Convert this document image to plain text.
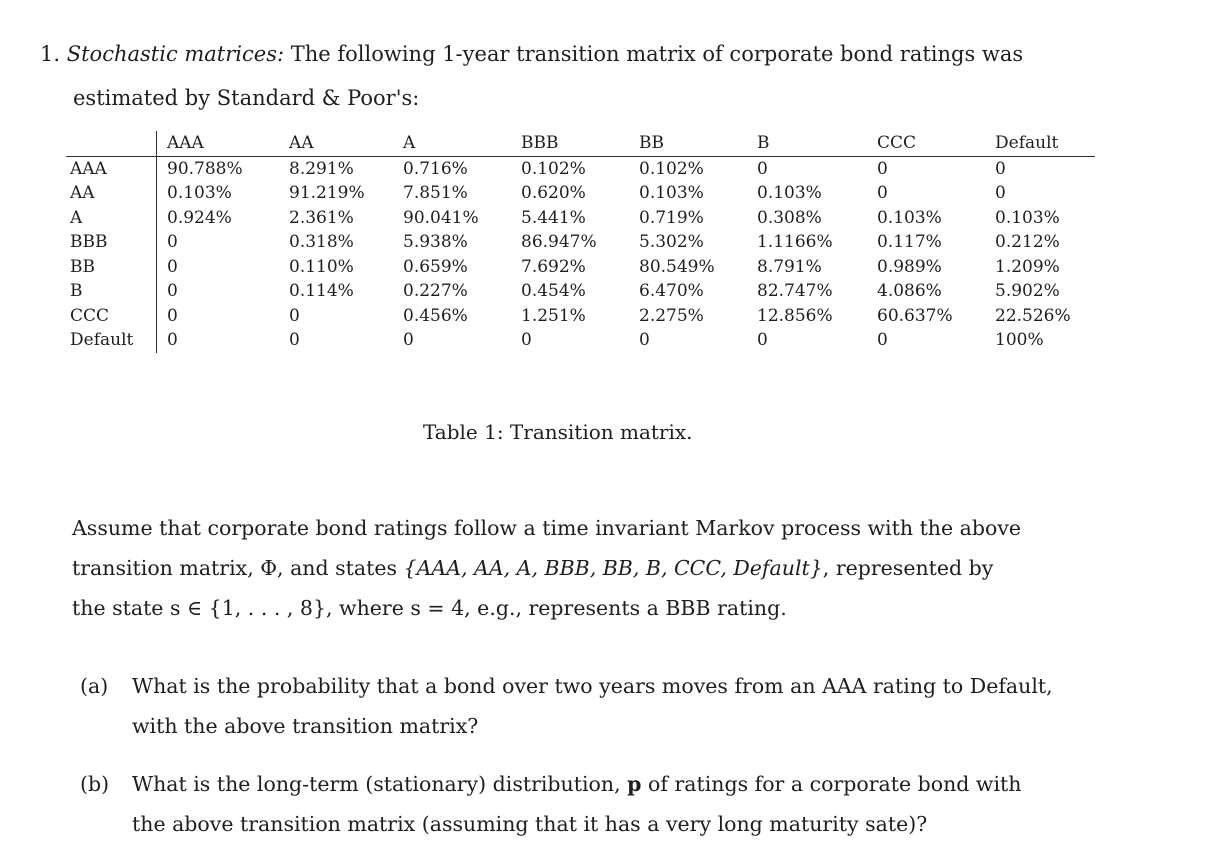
1. Stochastic matrices: The following 1-year transition matrix of corporate bond ratings was
estimated by Standard & Poor's:
	AAA	AA	A	BBB	BB	B	CCC	Default
AAA	90.788%	8.291%	0.716%	0.102%	0.102%	0	0	0
AA	0.103%	91.219%	7.851%	0.620%	0.103%	0.103%	0	0
A	0.924%	2.361%	90.041%	5.441%	0.719%	0.308%	0.103%	0.103%
BBB	0	0.318%	5.938%	86.947%	5.302%	1.1166%	0.117%	0.212%
BB	0	0.110%	0.659%	7.692%	80.549%	8.791%	0.989%	1.209%
B	0	0.114%	0.227%	0.454%	6.470%	82.747%	4.086%	5.902%
CCC	0	0	0.456%	1.251%	2.275%	12.856%	60.637%	22.526%
Default	0	0	0	0	0	0	0	100%
Table 1: Transition matrix.
Assume that corporate bond ratings follow a time invariant Markov process with the above
transition matrix, Φ, and states {AAA, AA, A, BBB, BB, B, CCC, Default}, represented by
the state s ∈ {1, . . . , 8}, where s = 4, e.g., represents a BBB rating.
(a)	What is the probability that a bond over two years moves from an AAA rating to Default,
with the above transition matrix?
(b)	What is the long-term (stationary) distribution, p of ratings for a corporate bond with
the above transition matrix (assuming that it has a very long maturity sate)?
